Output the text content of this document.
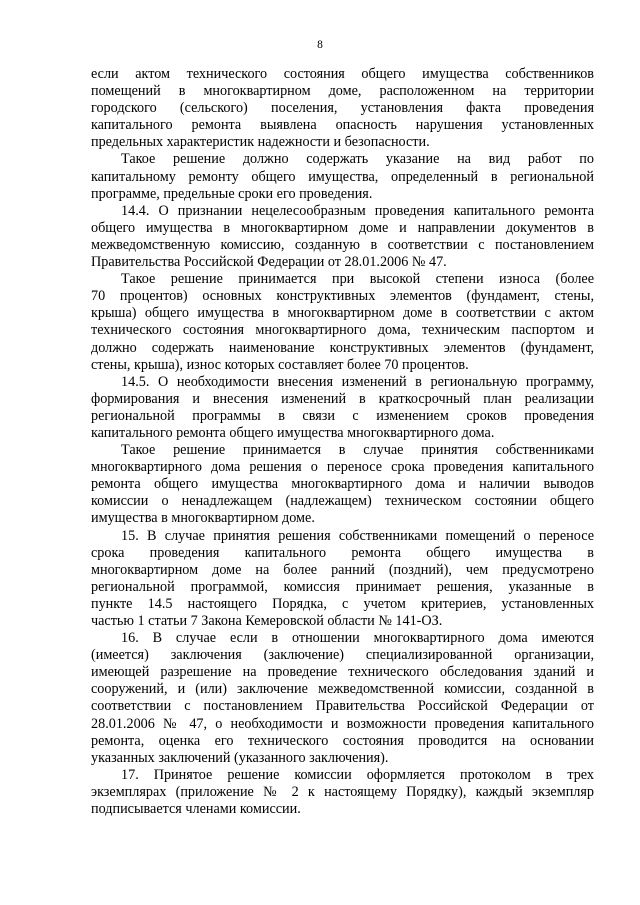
8

если актом технического состояния общего имущества собственников
помещений в многоквартирном доме, расположенном на территории
городского (сельского) поселения, установления факта проведения
капитального ремонта выявлена опасность нарушения установленных
предельных характеристик надежности и безопасности.

Такое решение должно содержать указание на вид работ по
капитальному ремонту общего имущества, определенный в региональной
программе, предельные сроки его проведения.

14.4. О признании нецелесообразным проведения капитального ремонта
общего имущества в многоквартирном доме и направлении документов в
межведомственную комиссию, созданную в соответствии с постановлением
Правительства Российской Федерации от 28.01.2006 № 47.

Такое решение принимается при высокой степени износа (более
70 процентов) основных конструктивных элементов (фундамент, стены,
крыша) общего имущества в многоквартирном доме в соответствии с актом
технического состояния многоквартирного дома, техническим паспортом и
должно содержать наименование конструктивных элементов (фундамент,
стены, крыша), износ которых составляет более 70 процентов.

14.5. О необходимости внесения изменений в региональную программу,
формирования и внесения изменений в краткосрочный план реализации
региональной программы в связи с изменением сроков проведения
капитального ремонта общего имущества многоквартирного дома.

Такое решение принимается в случае принятия собственниками
многоквартирного дома решения о переносе срока проведения капитального
ремонта общего имущества многоквартирного дома и наличии выводов
комиссии о ненадлежащем (надлежащем) техническом состоянии общего
имущества в многоквартирном доме.

15. В случае принятия решения собственниками помещений о переносе
срока проведения капитального ремонта общего имущества в
многоквартирном доме на более ранний (поздний), чем предусмотрено
региональной программой, комиссия принимает решения, указанные в
пункте 14.5 настоящего Порядка, с учетом критериев, установленных
частью 1 статьи 7 Закона Кемеровской области № 141-ОЗ.

16. В случае если в отношении многоквартирного дома имеются
(имеется) заключения (заключение) специализированной организации,
имеющей разрешение на проведение технического обследования зданий и
сооружений, и (или) заключение межведомственной комиссии, созданной в
соответствии с постановлением Правительства Российской Федерации от
28.01.2006 № 47, о необходимости и возможности проведения капитального
ремонта, оценка его технического состояния проводится на основании
указанных заключений (указанного заключения).

17. Принятое решение комиссии оформляется протоколом в трех
экземплярах (приложение № 2 к настоящему Порядку), каждый экземпляр
подписывается членами комиссии.
